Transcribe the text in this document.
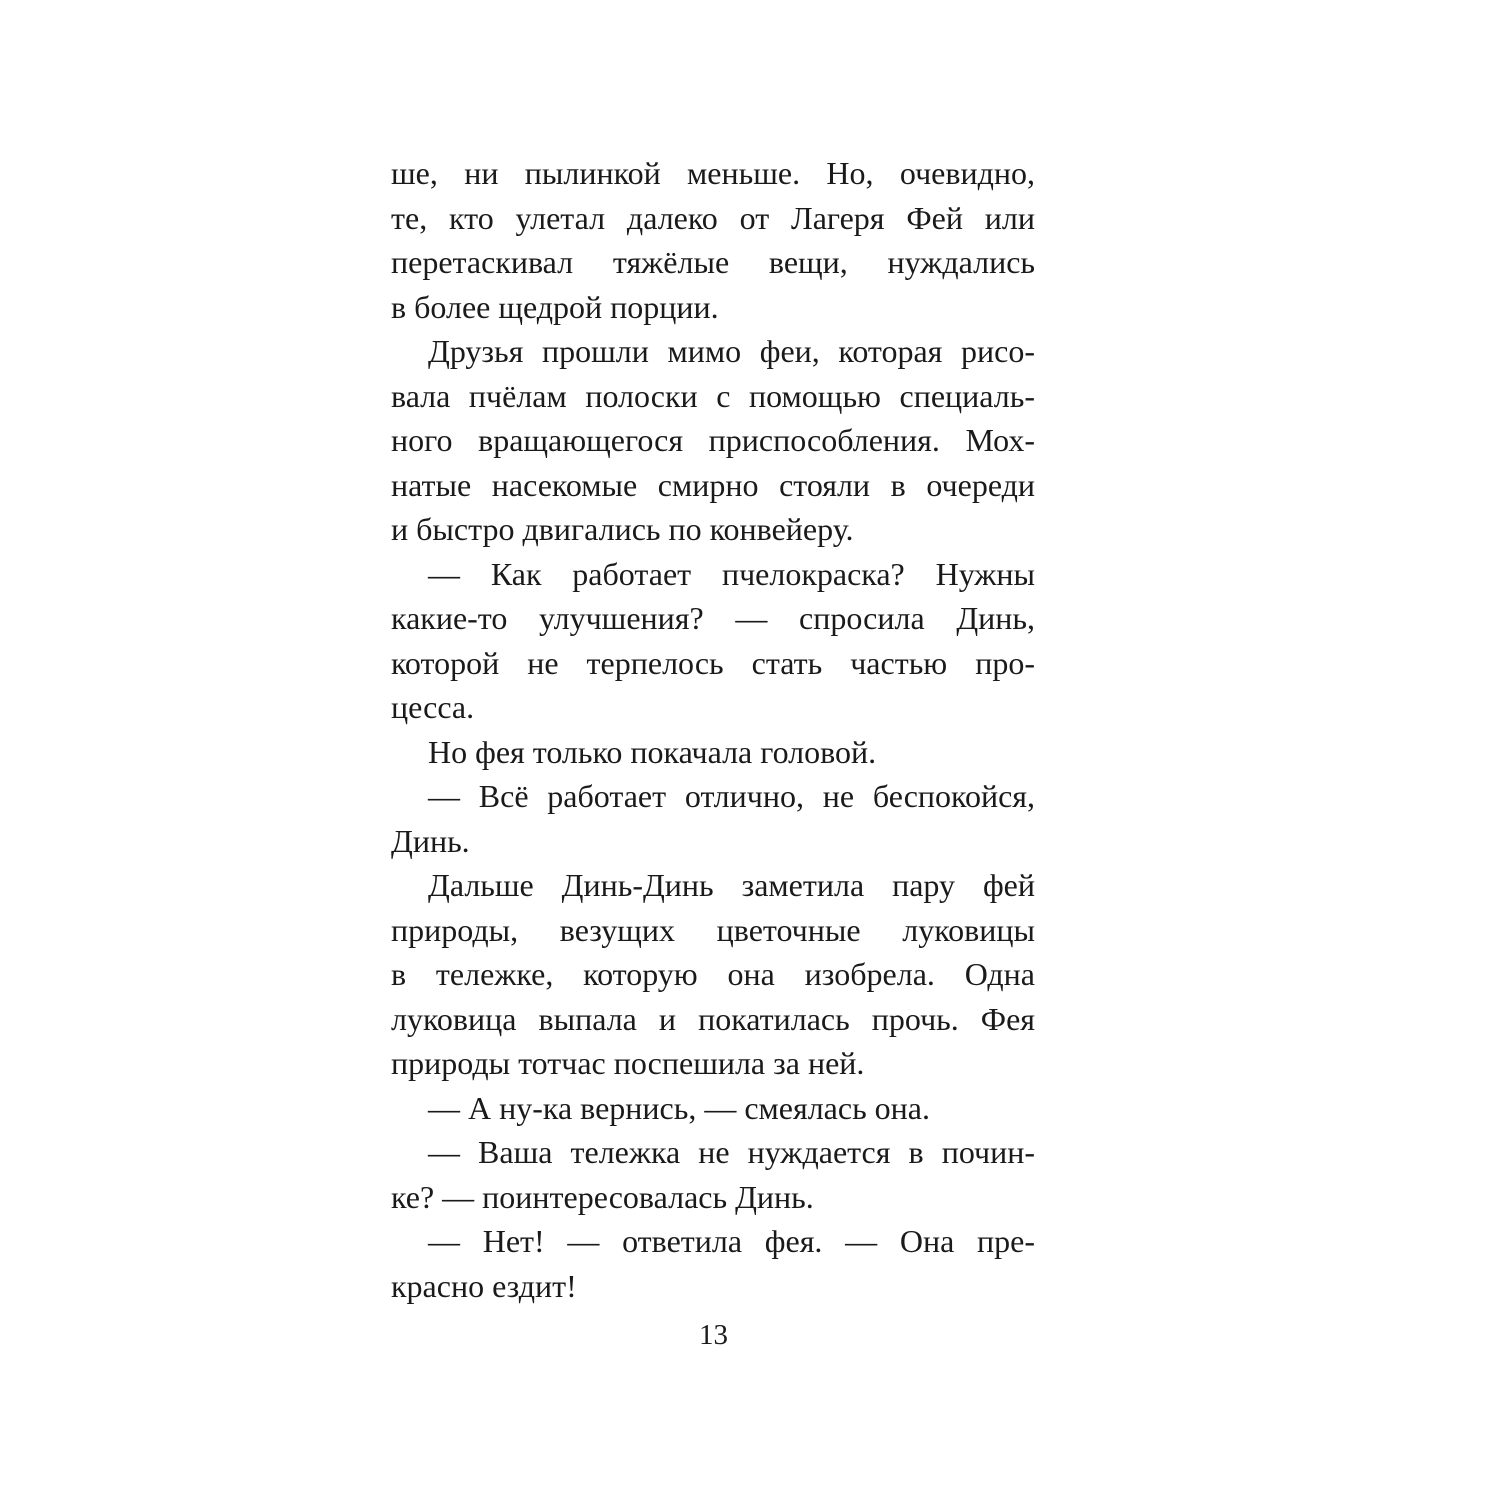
ше, ни пылинкой меньше. Но, очевидно,
те, кто улетал далеко от Лагеря Фей или
перетаскивал тяжёлые вещи, нуждались
в более щедрой порции.
Друзья прошли мимо феи, которая рисо-
вала пчёлам полоски с помощью специаль-
ного вращающегося приспособления. Мох-
натые насекомые смирно стояли в очереди
и быстро двигались по конвейеру.
— Как работает пчелокраска? Нужны
какие-то улучшения? — спросила Динь,
которой не терпелось стать частью про-
цесса.
Но фея только покачала головой.
— Всё работает отлично, не беспокойся,
Динь.
Дальше Динь-Динь заметила пару фей
природы, везущих цветочные луковицы
в тележке, которую она изобрела. Одна
луковица выпала и покатилась прочь. Фея
природы тотчас поспешила за ней.
— А ну-ка вернись, — смеялась она.
— Ваша тележка не нуждается в почин-
ке? — поинтересовалась Динь.
— Нет! — ответила фея. — Она пре-
красно ездит!
13
